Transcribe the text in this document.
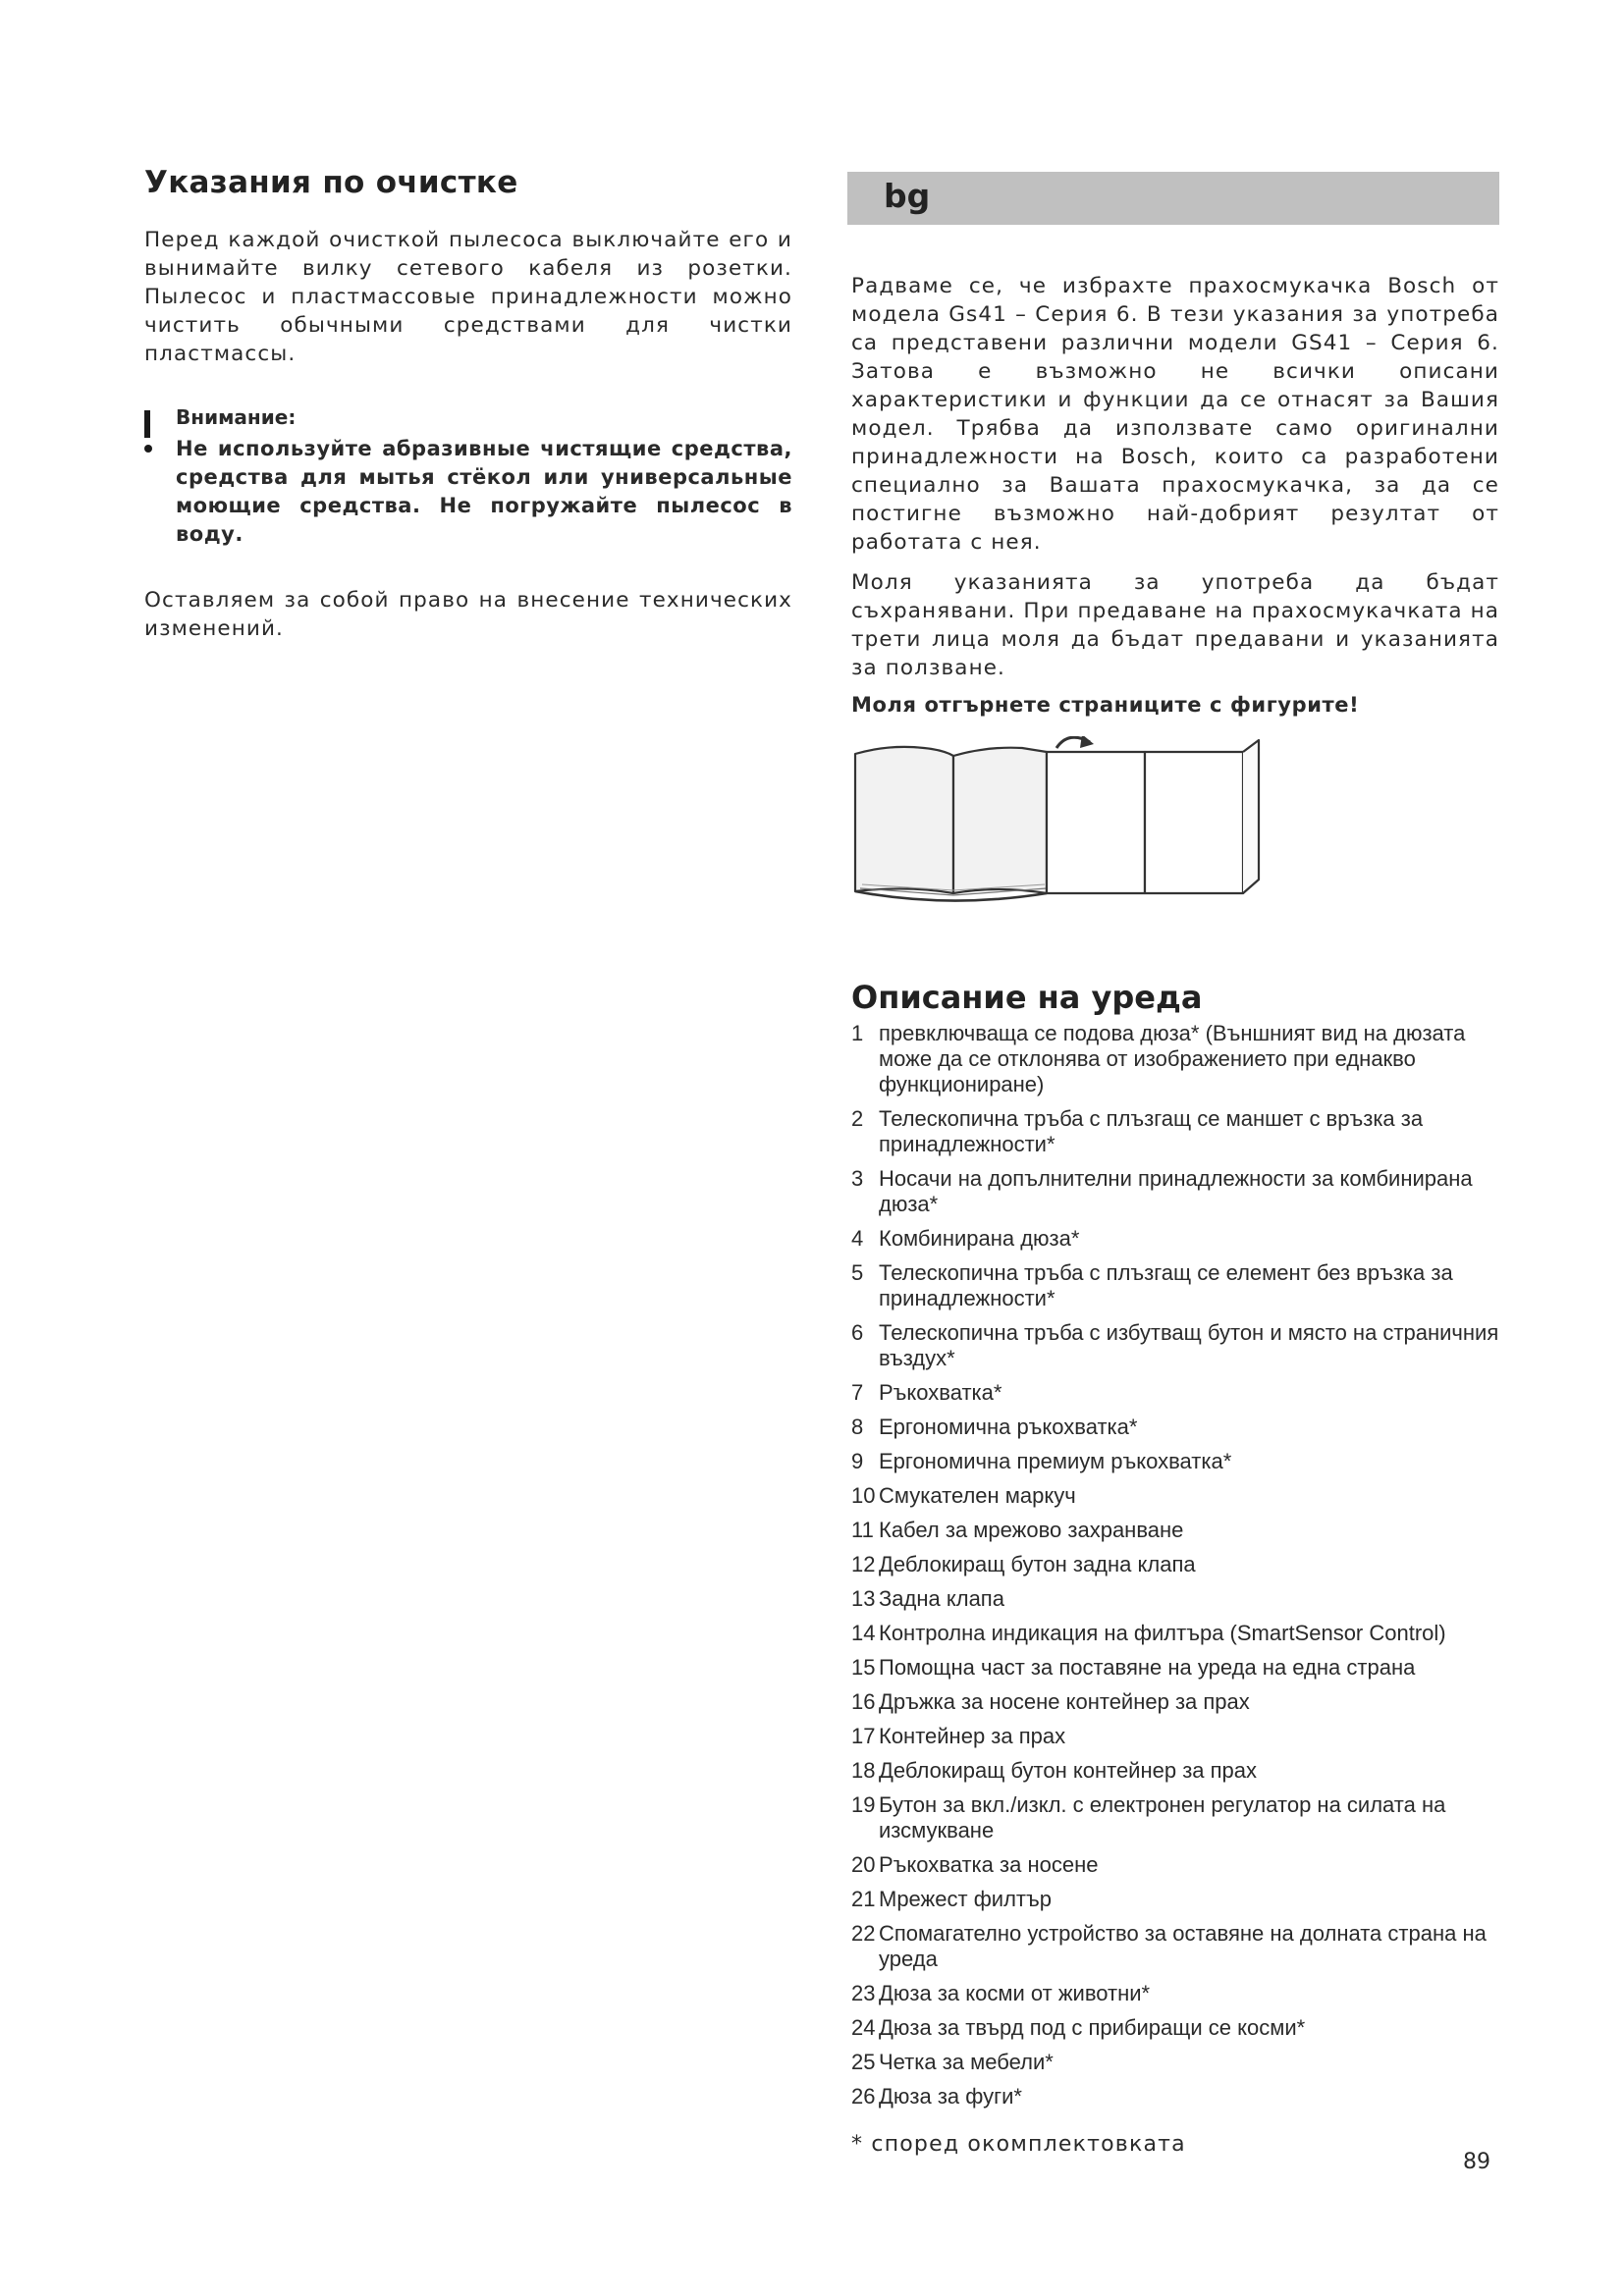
Указания по очистке

Перед каждой очисткой пылесоса выключайте его и вынимайте вилку сетевого кабеля из розетки. Пылесос и пластмассовые принадлежности можно чистить обычными средствами для чистки пластмассы.

Внимание:

Не используйте абразивные чистящие средства, средства для мытья стёкол или универсальные моющие средства. Не погружайте пылесос в воду.

Оставляем за собой право на внесение технических изменений.

bg

Радваме се, че избрахте прахосмукачка Bosch от модела Gs41 – Серия 6. В тези указания за употреба са представени различни модели GS41 – Серия 6. Затова е възможно не всички описани характеристики и функции да се отнасят за Вашия модел. Трябва да използвате само оригинални принадлежности на Bosch, които са разработени специално за Вашата прахосмукачка, за да се постигне възможно най-добрият резултат от работата с нея.

Моля указанията за употреба да бъдат съхранявани. При предаване на прахосмукачката на трети лица моля да бъдат предавани и указанията за ползване.

Моля отгърнете страниците с фигурите!
Описание на уреда
1 превключваща се подова дюза* (Външният вид на дюзата може да се отклонява от изображението при еднакво функциониране)
2 Телескопична тръба с плъзгащ се маншет с връзка за принадлежности*
3 Носачи на допълнителни принадлежности за комбинирана дюза*
4 Комбинирана дюза*
5 Телескопична тръба с плъзгащ се елемент без връзка за принадлежности*
6 Телескопична тръба с избутващ бутон и място на страничния въздух*
7 Ръкохватка*
8 Ергономична ръкохватка*
9 Ергономична премиум ръкохватка*
10 Смукателен маркуч
11 Кабел за мрежово захранване
12 Деблокиращ бутон задна клапа
13 Задна клапа
14 Контролна индикация на филтъра (SmartSensor Control)
15 Помощна част за поставяне на уреда на една страна
16 Дръжка за носене контейнер за прах
17 Контейнер за прах
18 Деблокиращ бутон контейнер за прах
19 Бутон за вкл./изкл. с електронен регулатор на силата на изсмукване
20 Ръкохватка за носене
21 Мрежест филтър
22 Спомагателно устройство за оставяне на долната страна на уреда
23 Дюза за косми от животни*
24 Дюза за твърд под с прибиращи се косми*
25 Четка за мебели*
26 Дюза за фуги*
* според окомплектовката
89
